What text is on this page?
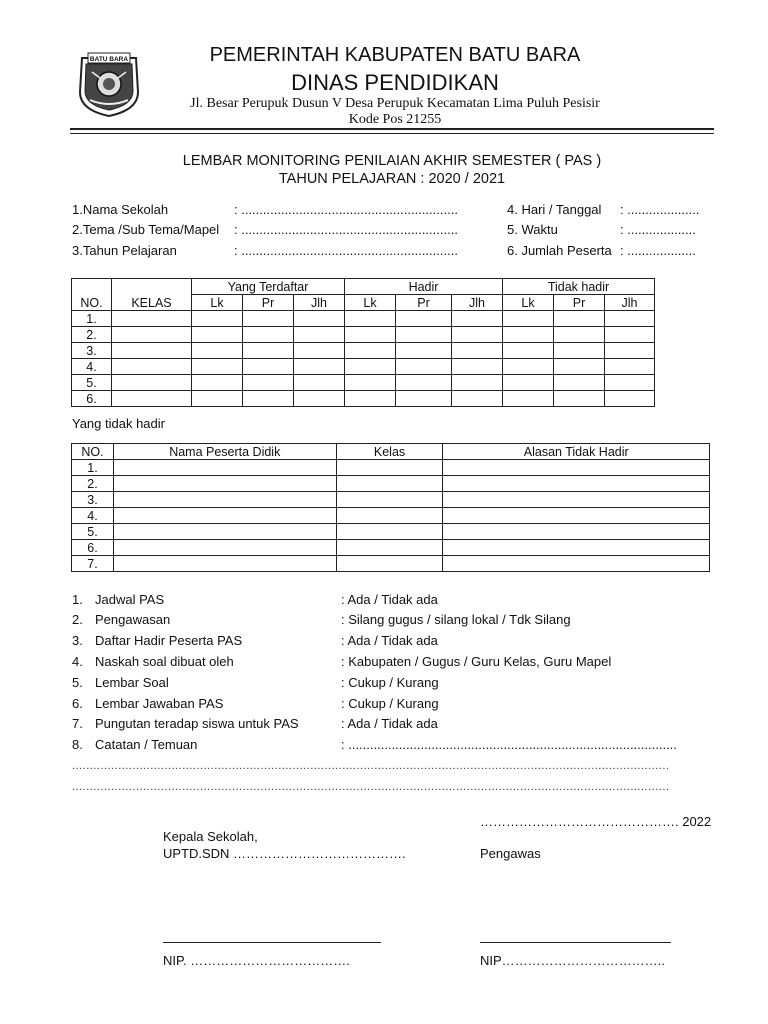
BATU BARA	PEMERINTAH KABUPATEN BATU BARA
DINAS PENDIDIKAN
Jl. Besar Perupuk Dusun V Desa Perupuk Kecamatan Lima Puluh Pesisir
Kode Pos 21255
LEMBAR MONITORING PENILAIAN AKHIR SEMESTER ( PAS )
TAHUN PELAJARAN : 2020 / 2021
1.Nama Sekolah	: ............................................................
2.Tema /Sub Tema/Mapel : ............................................................
3.Tahun Pelajaran	: ............................................................
4. Hari / Tanggal : ....................
5. Waktu	: ...................
6. Jumlah Peserta : ...................
NO.	KELAS	Yang Terdaftar			Hadir			Tidak hadir		
		Lk	Pr	Jlh	Lk	Pr	Jlh	Lk	Pr	Jlh
1.										
2.										
3.										
4.										
5.										
6.										
Yang tidak hadir
NO.	Nama Peserta Didik	Kelas	Alasan Tidak Hadir
1.			
2.			
3.			
4.			
5.			
6.			
7.			
1. Jadwal PAS	: Ada / Tidak ada
2. Pengawasan	: Silang gugus / silang lokal / Tdk Silang
3. Daftar Hadir Peserta PAS	: Ada / Tidak ada
4. Naskah soal dibuat oleh	: Kabupaten / Gugus / Guru Kelas, Guru Mapel
5. Lembar Soal	: Cukup / Kurang
6. Lembar Jawaban PAS	: Cukup / Kurang
7. Pungutan teradap siswa untuk PAS	: Ada / Tidak ada
8. Catatan / Temuan	: ...........................................................................................
........................................................................................................................................................................
........................................................................................................................................................................
………………………………………. 2022
Kepala Sekolah,
UPTD.SDN ………………………………….	Pengawas
NIP. ……………………………….	NIP………………………………..
